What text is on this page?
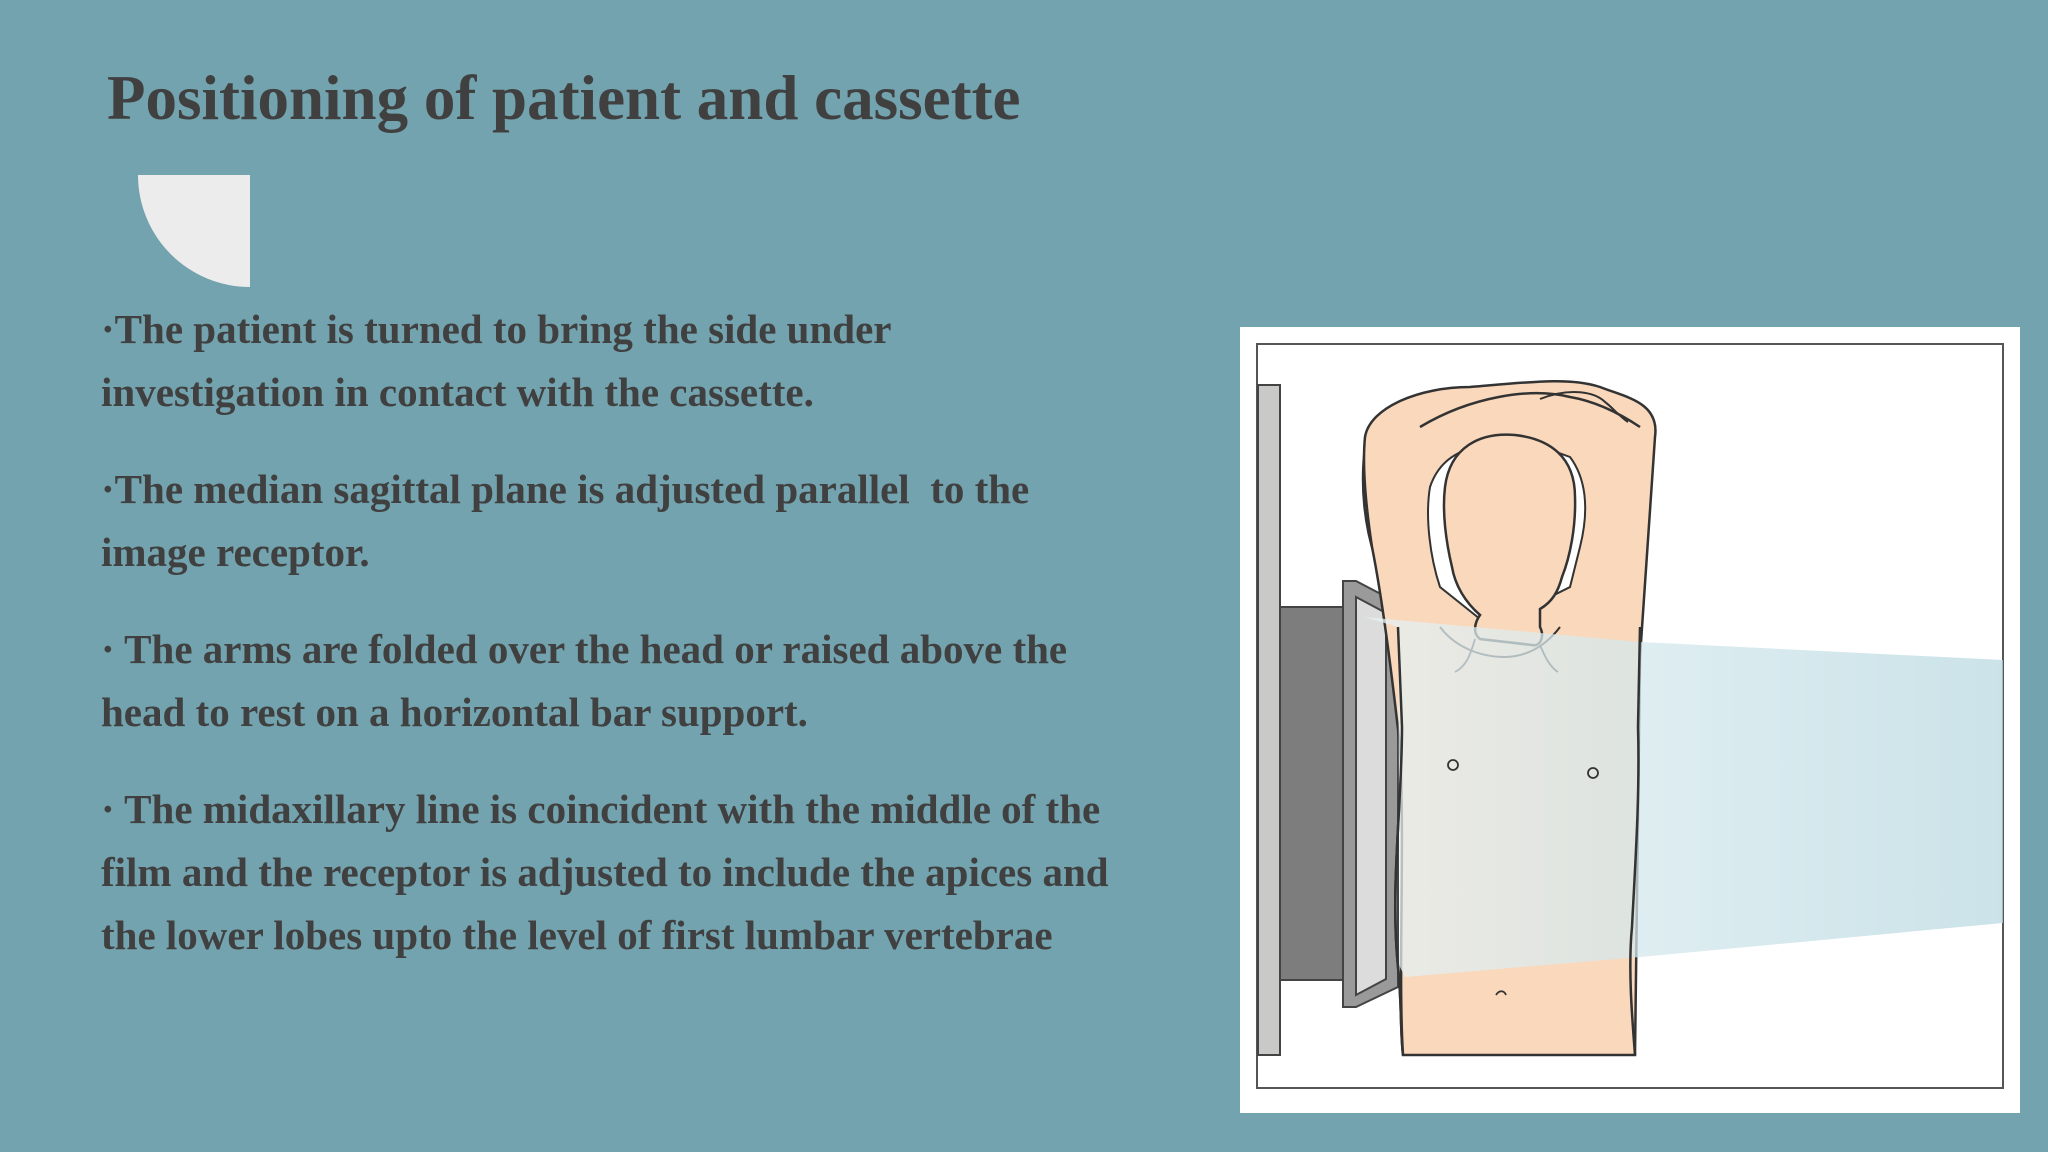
Positioning of patient and cassette

·The patient is turned to bring the side under investigation in contact with the cassette.

·The median sagittal plane is adjusted parallel  to the image receptor.

· The arms are folded over the head or raised above the head to rest on a horizontal bar support.

· The midaxillary line is coincident with the middle of the film and the receptor is adjusted to include the apices and the lower lobes upto the level of first lumbar vertebrae
